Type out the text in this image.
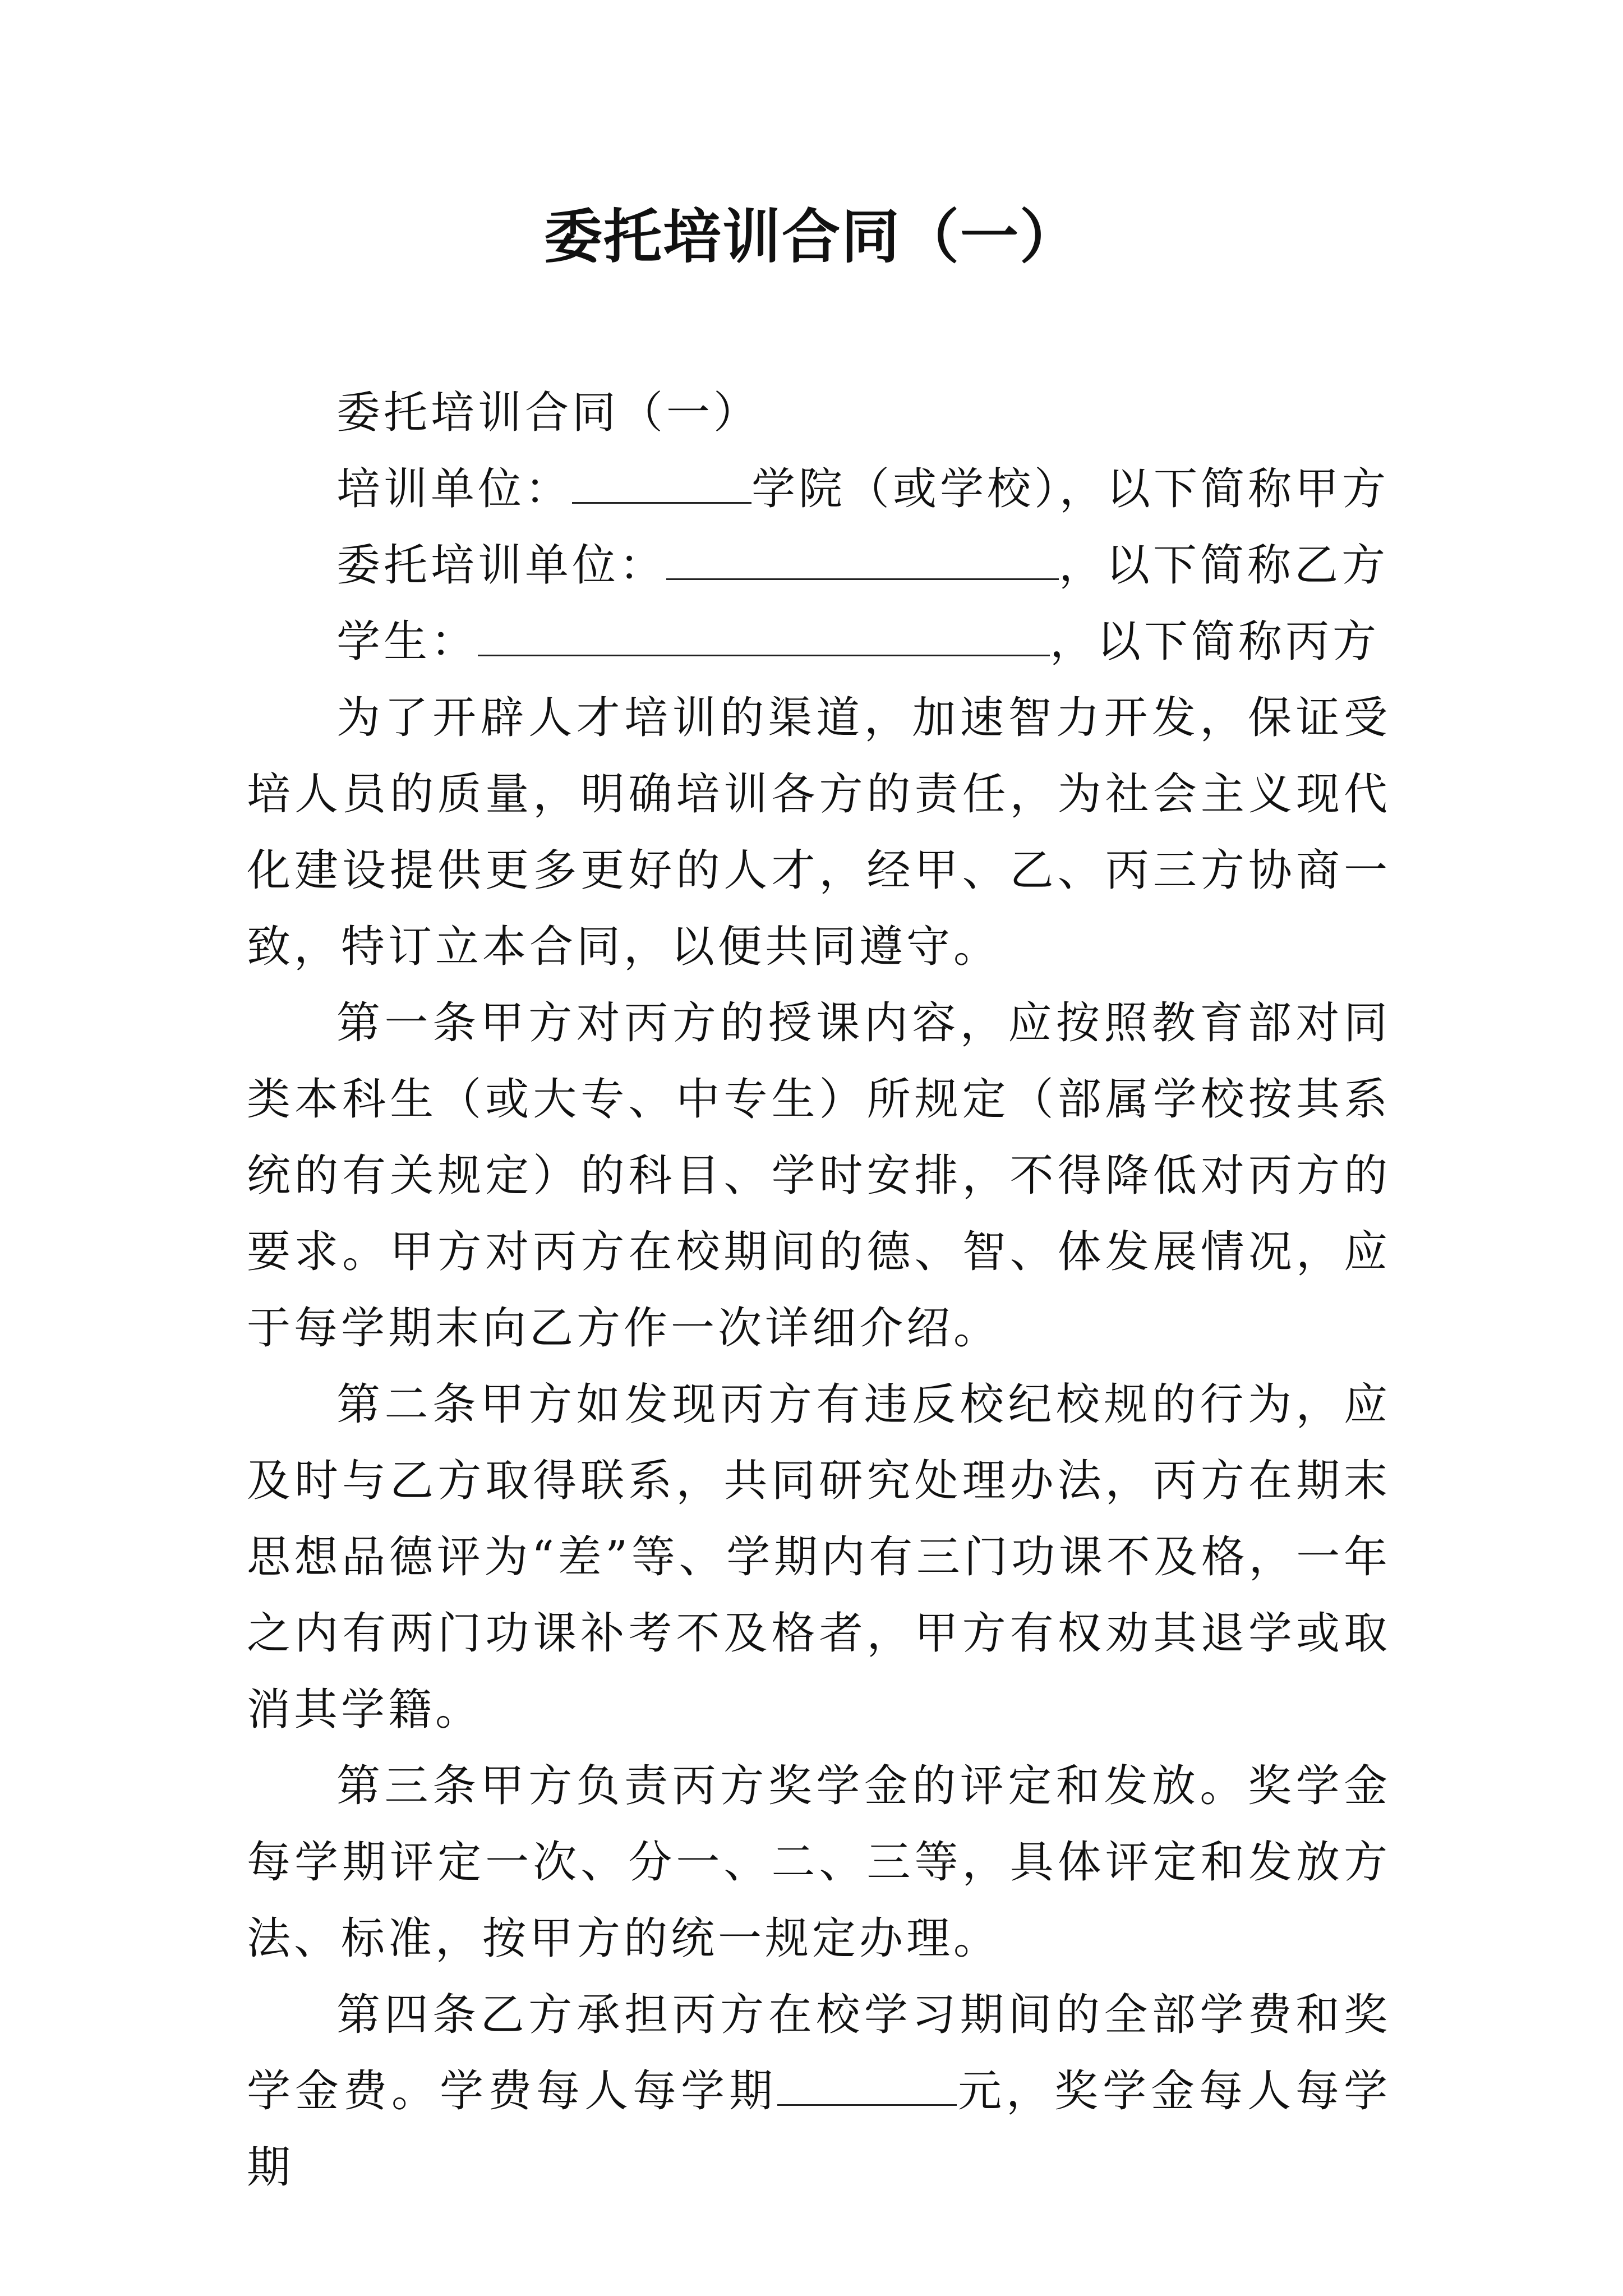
委托培训合同（一）
委托培训合同（一）
培训单位：	学院（或学校），以下简称甲方
委托培训单位：	，以下简称乙方
学生：	，以下简称丙方

为了开辟人才培训的渠道，加速智力开发，保证受培人员的质量，明确培训各方的责任，为社会主义现代化建设提供更多更好的人才，经甲、乙、丙三方协商一致，特订立本合同，以便共同遵守。

第一条甲方对丙方的授课内容，应按照教育部对同类本科生（或大专、中专生）所规定（部属学校按其系统的有关规定）的科目、学时安排，不得降低对丙方的要求。甲方对丙方在校期间的德、智、体发展情况，应于每学期末向乙方作一次详细介绍。

第二条甲方如发现丙方有违反校纪校规的行为，应及时与乙方取得联系，共同研究处理办法，丙方在期末思想品德评为“差”等、学期内有三门功课不及格，一年之内有两门功课补考不及格者，甲方有权劝其退学或取消其学籍。

第三条甲方负责丙方奖学金的评定和发放。奖学金每学期评定一次、分一、二、三等，具体评定和发放方法、标准，按甲方的统一规定办理。

第四条乙方承担丙方在校学习期间的全部学费和奖学金费。学费每人每学期	元，奖学金每人每学期
